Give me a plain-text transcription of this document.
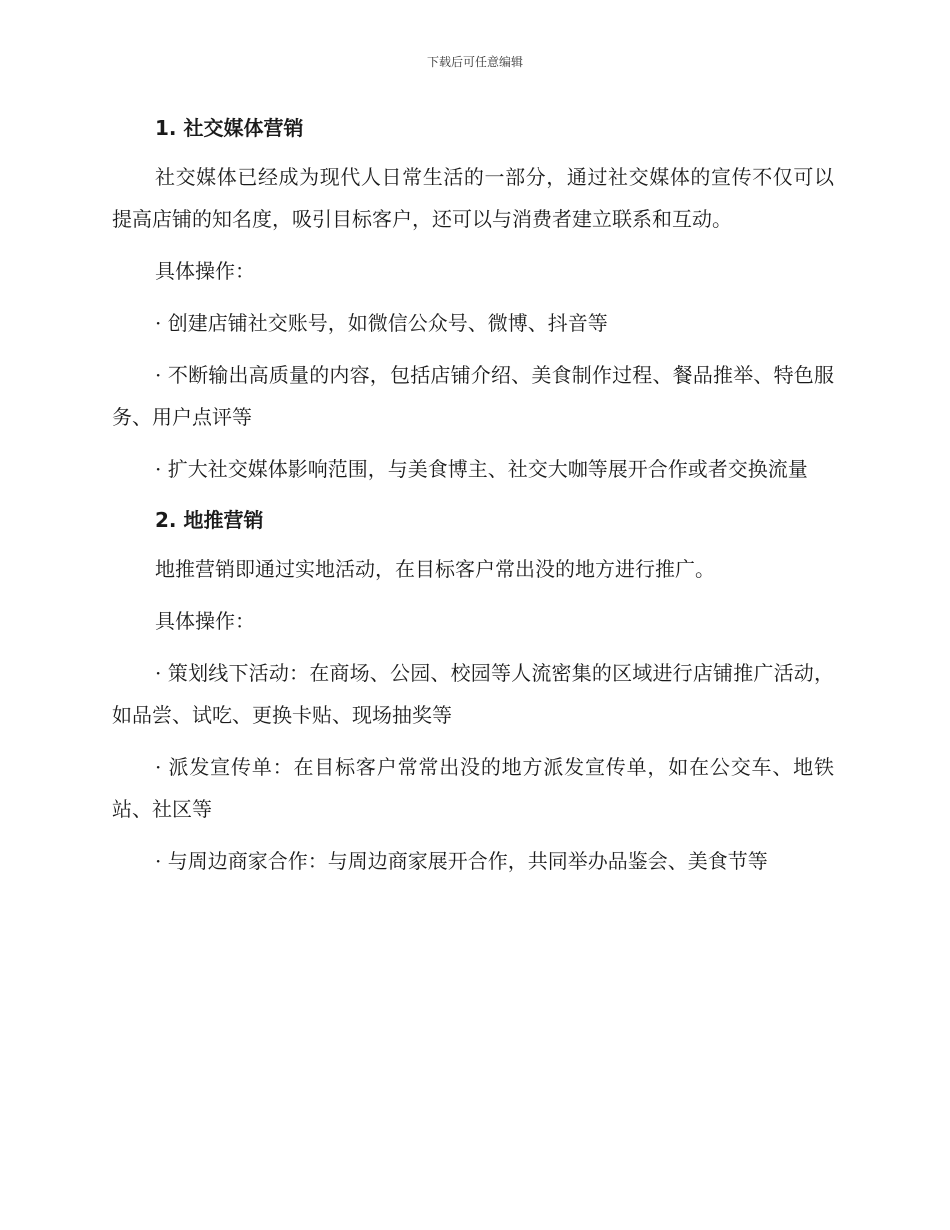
下载后可任意编辑
1. 社交媒体营销

社交媒体已经成为现代人日常生活的一部分，通过社交媒体的宣传不仅可以提高店铺的知名度，吸引目标客户，还可以与消费者建立联系和互动。

具体操作：

· 创建店铺社交账号，如微信公众号、微博、抖音等

· 不断输出高质量的内容，包括店铺介绍、美食制作过程、餐品推举、特色服务、用户点评等

· 扩大社交媒体影响范围，与美食博主、社交大咖等展开合作或者交换流量

2. 地推营销

地推营销即通过实地活动，在目标客户常出没的地方进行推广。

具体操作：

· 策划线下活动：在商场、公园、校园等人流密集的区域进行店铺推广活动，如品尝、试吃、更换卡贴、现场抽奖等

· 派发宣传单：在目标客户常常出没的地方派发宣传单，如在公交车、地铁站、社区等

· 与周边商家合作：与周边商家展开合作，共同举办品鉴会、美食节等
